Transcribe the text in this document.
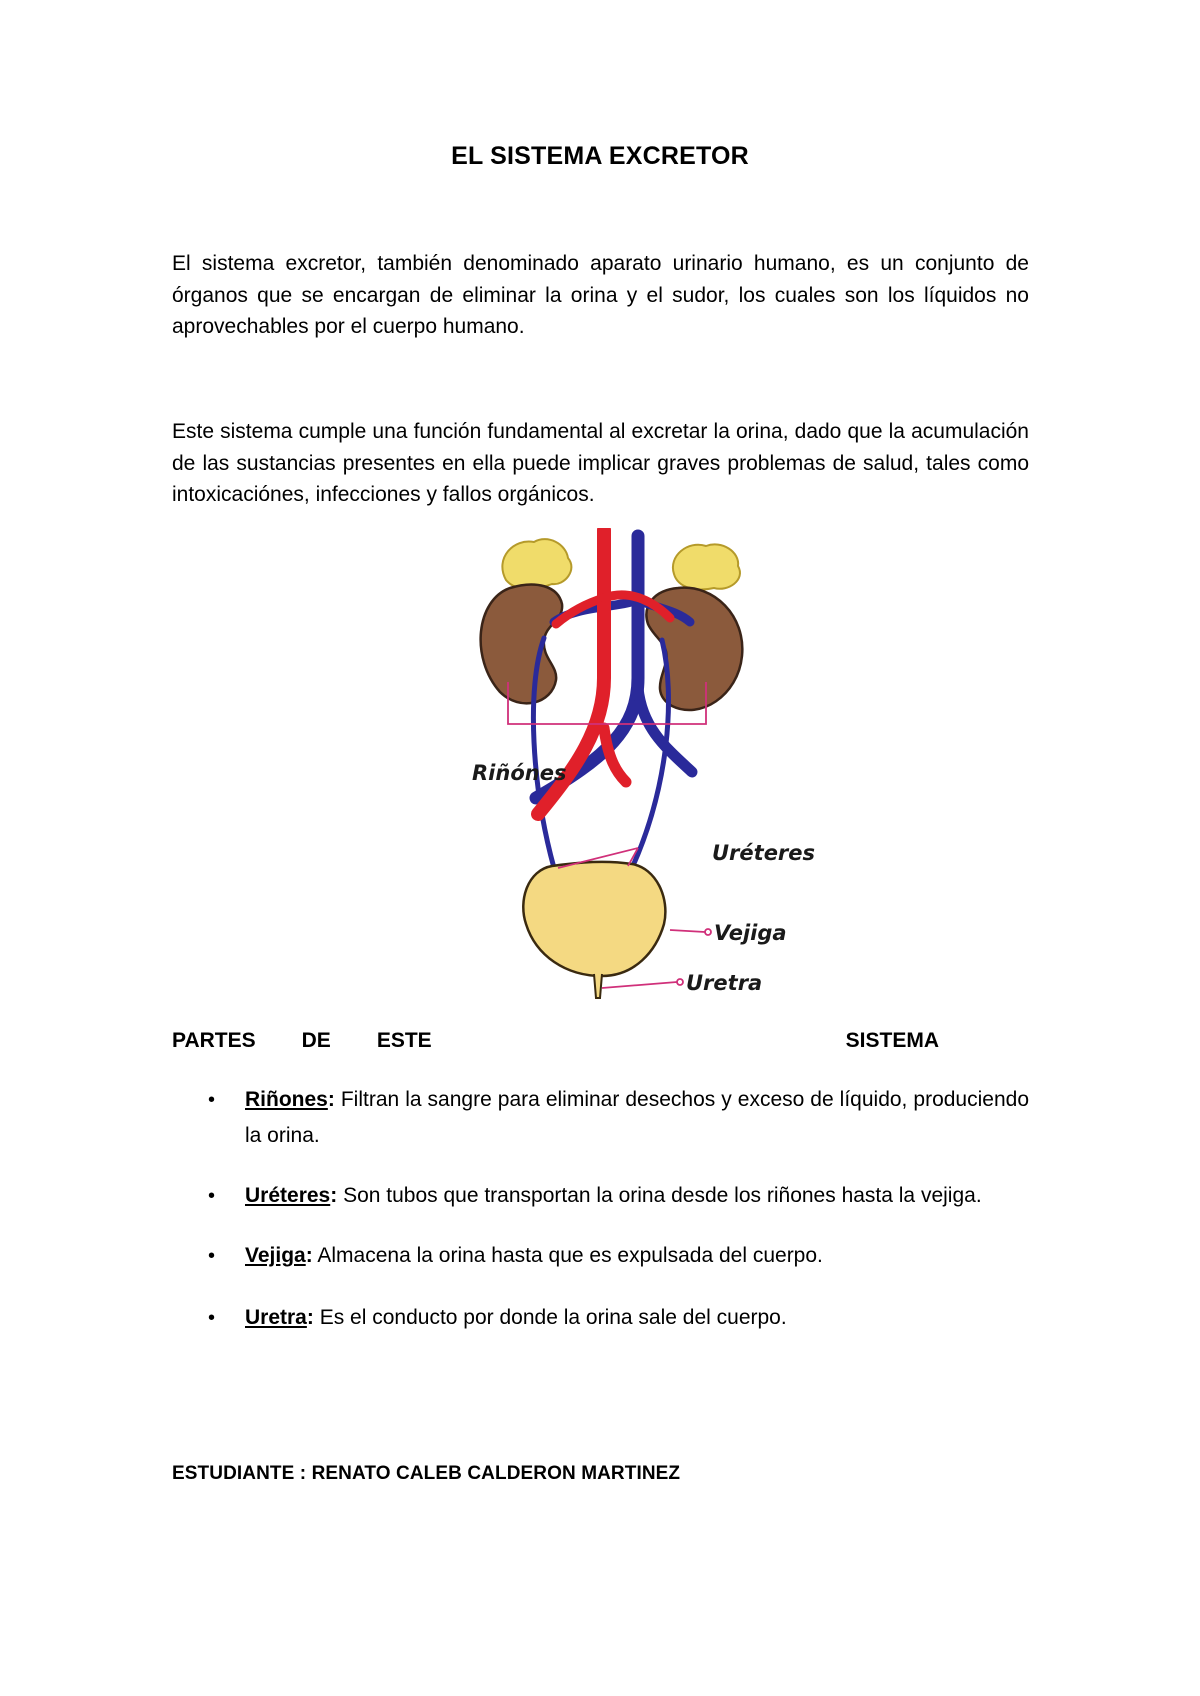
EL SISTEMA EXCRETOR
El sistema excretor, también denominado aparato urinario humano, es un conjunto de órganos que se encargan de eliminar la orina y el sudor, los cuales son los líquidos no aprovechables por el cuerpo humano.
Este sistema cumple una función fundamental al excretar la orina, dado que la acumulación de las sustancias presentes en ella puede implicar graves problemas de salud, tales como intoxicaciónes, infecciones y fallos orgánicos.
Riñónes
Uréteres
Vejiga
Uretra
PARTES DE ESTE	SISTEMA
• Riñones: Filtran la sangre para eliminar desechos y exceso de líquido, produciendo la orina.
• Uréteres: Son tubos que transportan la orina desde los riñones hasta la vejiga.
• Vejiga: Almacena la orina hasta que es expulsada del cuerpo.
• Uretra: Es el conducto por donde la orina sale del cuerpo.
ESTUDIANTE : RENATO CALEB CALDERON MARTINEZ
